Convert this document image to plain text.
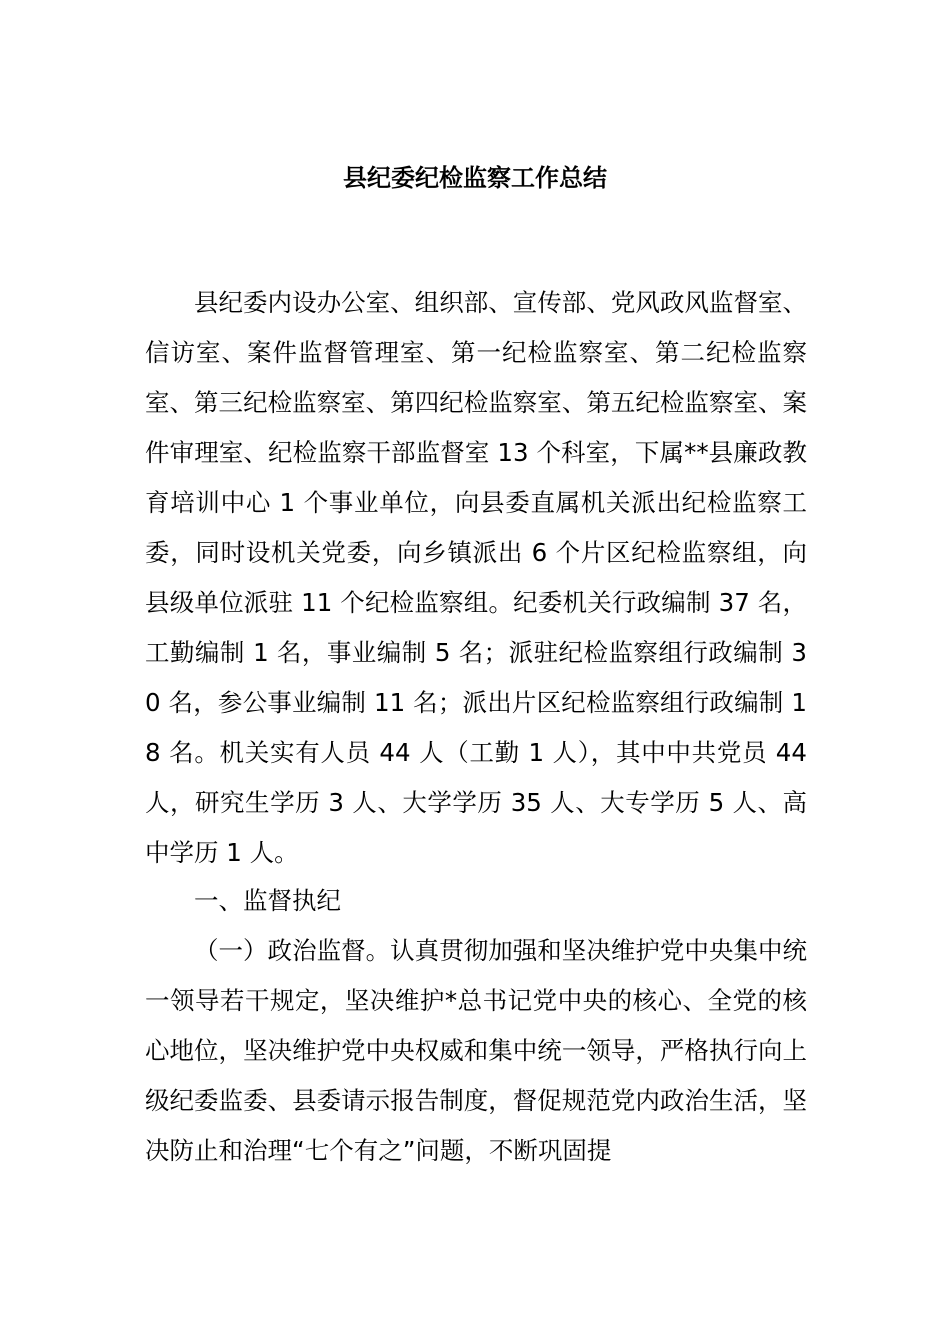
县纪委纪检监察工作总结

县纪委内设办公室、组织部、宣传部、党风政风监督室、信访室、案件监督管理室、第一纪检监察室、第二纪检监察室、第三纪检监察室、第四纪检监察室、第五纪检监察室、案件审理室、纪检监察干部监督室 13 个科室，下属**县廉政教育培训中心 1 个事业单位，向县委直属机关派出纪检监察工委，同时设机关党委，向乡镇派出 6 个片区纪检监察组，向县级单位派驻 11 个纪检监察组。纪委机关行政编制 37 名，工勤编制 1 名，事业编制 5 名；派驻纪检监察组行政编制 30 名，参公事业编制 11 名；派出片区纪检监察组行政编制 18 名。机关实有人员 44 人（工勤 1 人），其中中共党员 44 人，研究生学历 3 人、大学学历 35 人、大专学历 5 人、高中学历 1 人。

一、监督执纪

（一）政治监督。认真贯彻加强和坚决维护党中央集中统一领导若干规定，坚决维护*总书记党中央的核心、全党的核心地位，坚决维护党中央权威和集中统一领导，严格执行向上级纪委监委、县委请示报告制度，督促规范党内政治生活，坚决防止和治理“七个有之”问题，不断巩固提
